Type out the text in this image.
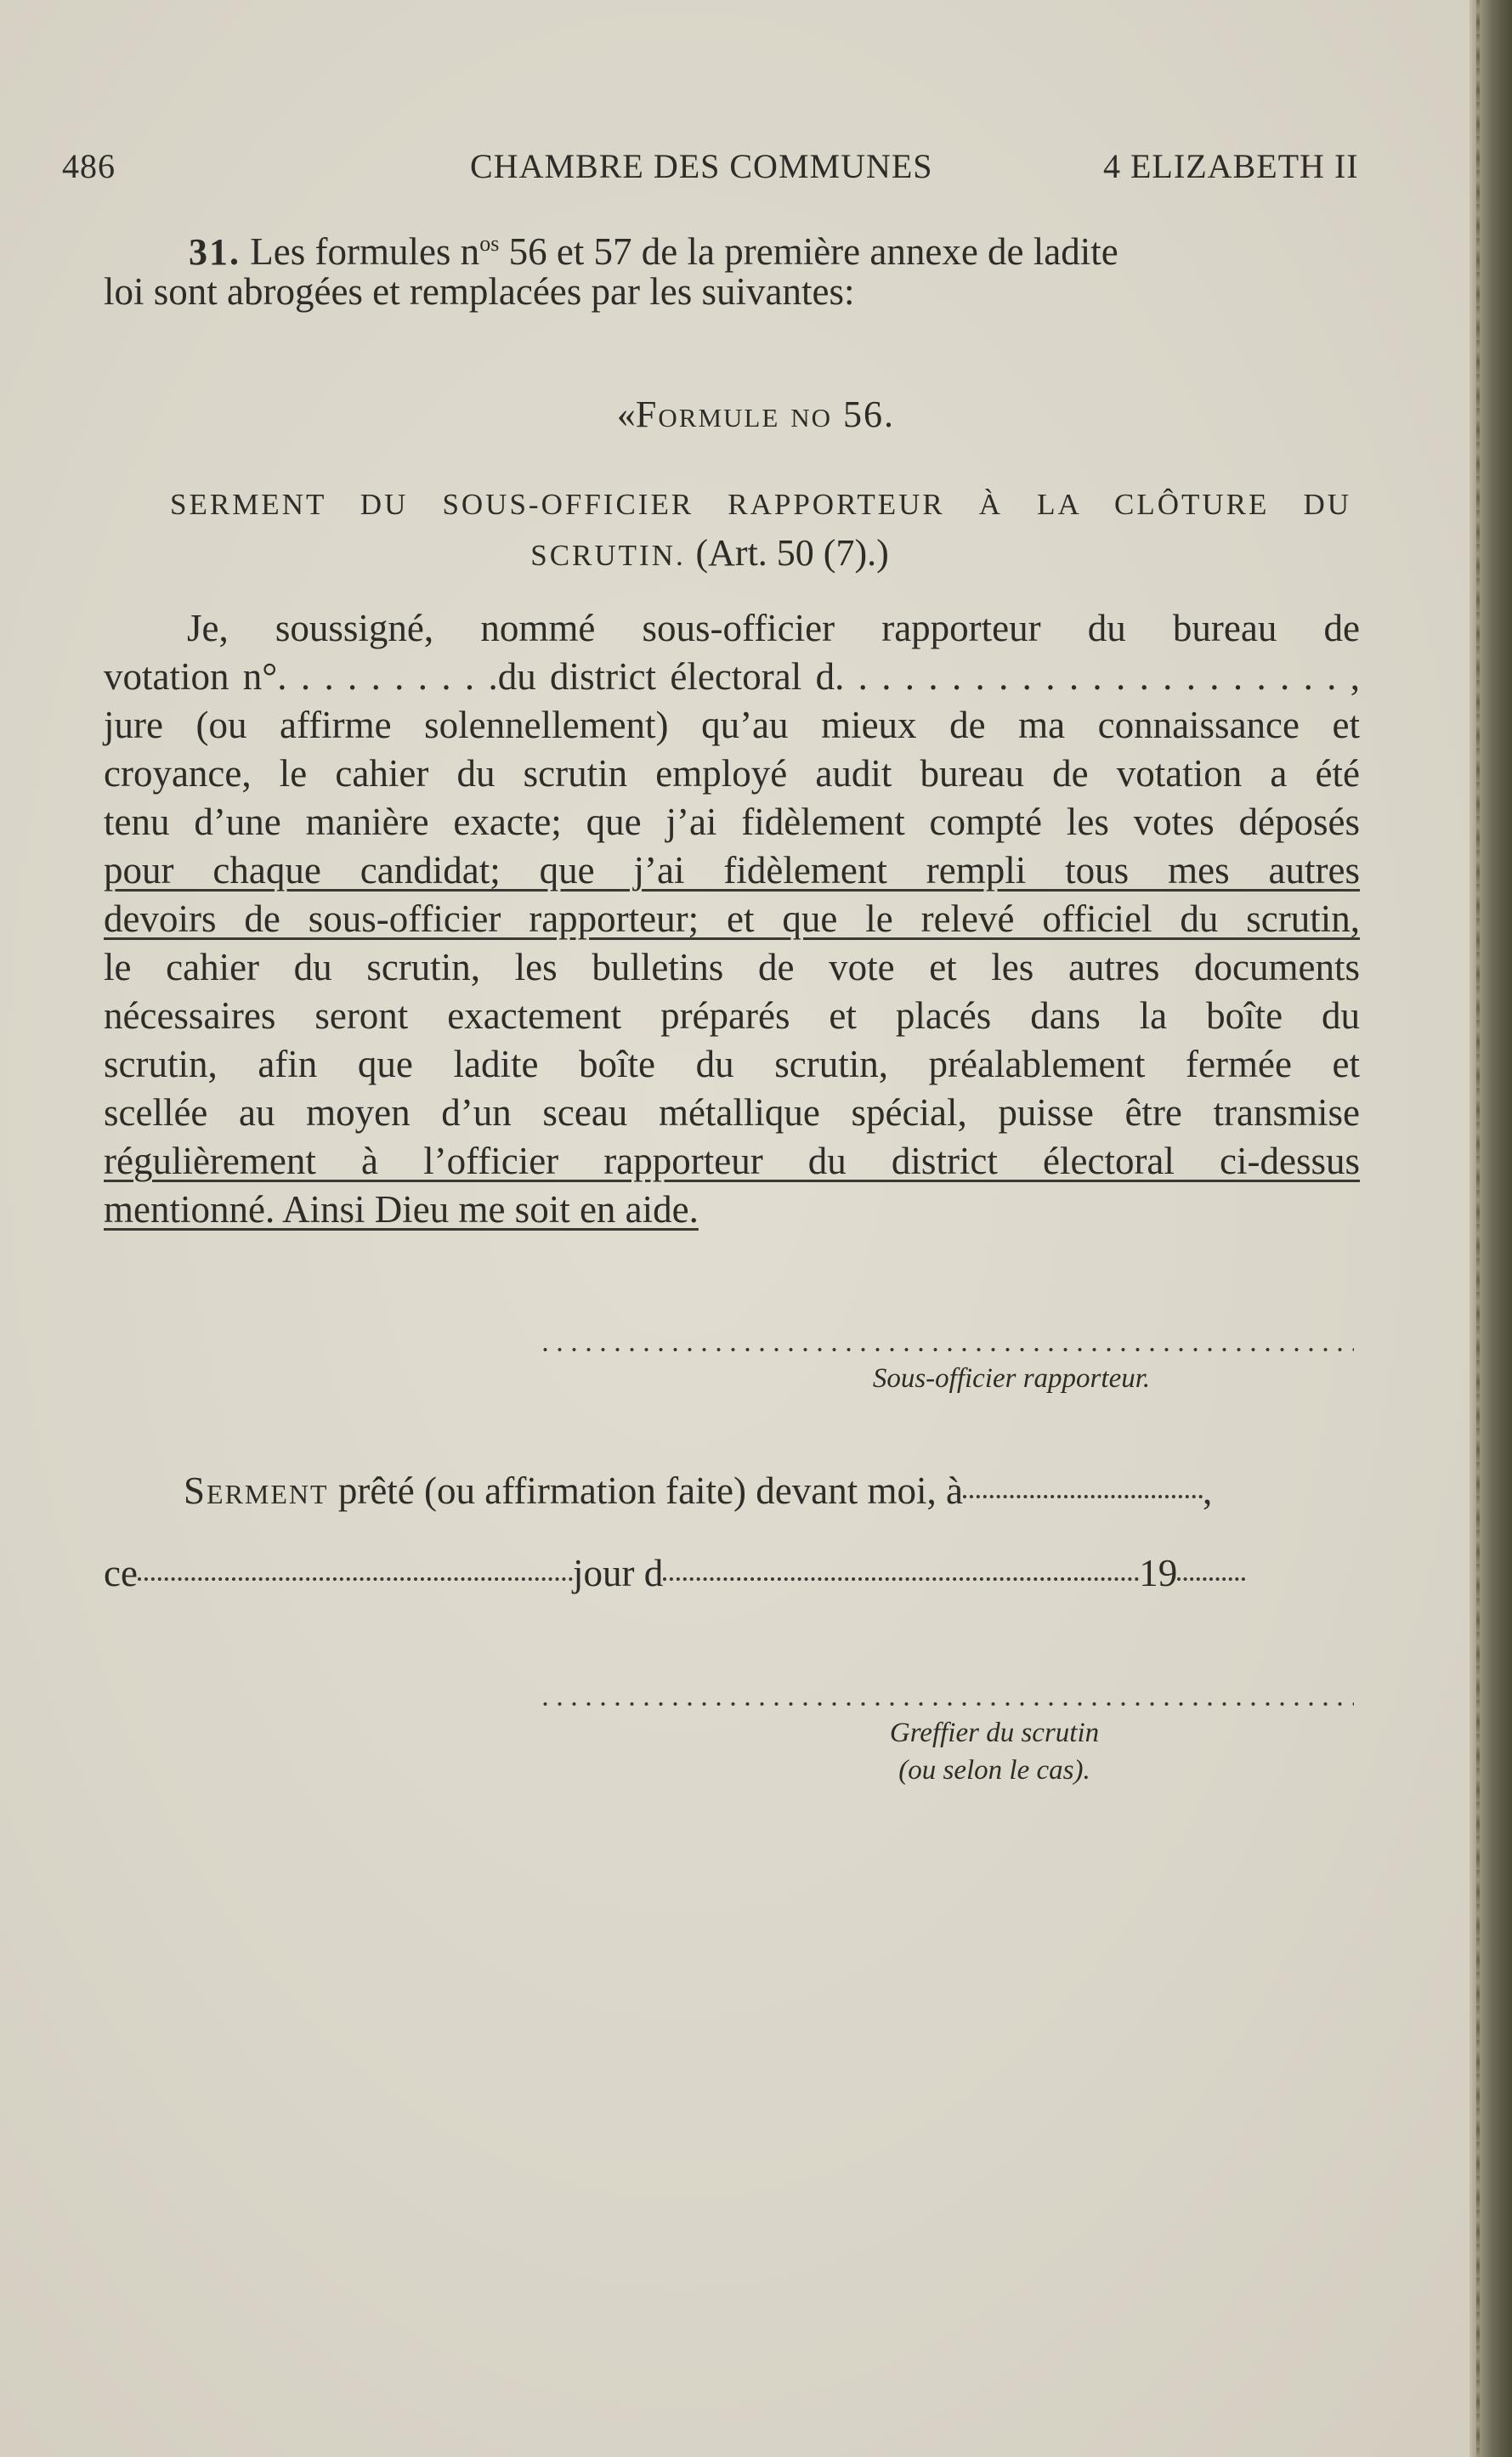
486	CHAMBRE DES COMMUNES	4 ELIZABETH II
31. Les formules $n^{os}$ 56 et 57 de la première annexe de ladite
loi sont abrogées et remplacées par les suivantes:
«Formule no 56.
SERMENT DU SOUS-OFFICIER RAPPORTEUR À LA CLÔTURE DU
SCRUTIN. (Art. 50 (7).)
Je, soussigné, nommé sous-officier rapporteur du bureau de
votation n°. . . . . . . . . .du district électoral d. . . . . . . . . . . . . . . . . . . . . . ,
jure (ou affirme solennellement) qu’au mieux de ma connaissance et
croyance, le cahier du scrutin employé audit bureau de votation a été
tenu d’une manière exacte; que j’ai fidèlement compté les votes déposés
pour chaque candidat; que j’ai fidèlement rempli tous mes autres
devoirs de sous-officier rapporteur; et que le relevé officiel du scrutin,
le cahier du scrutin, les bulletins de vote et les autres documents
nécessaires seront exactement préparés et placés dans la boîte du
scrutin, afin que ladite boîte du scrutin, préalablement fermée et
scellée au moyen d’un sceau métallique spécial, puisse être transmise
régulièrement à l’officier rapporteur du district électoral ci-dessus
mentionné. Ainsi Dieu me soit en aide.
Sous-officier rapporteur.
Serment prêté (ou affirmation faite) devant moi, à	,
ce	jour d	19
Greffier du scrutin
(ou selon le cas).
